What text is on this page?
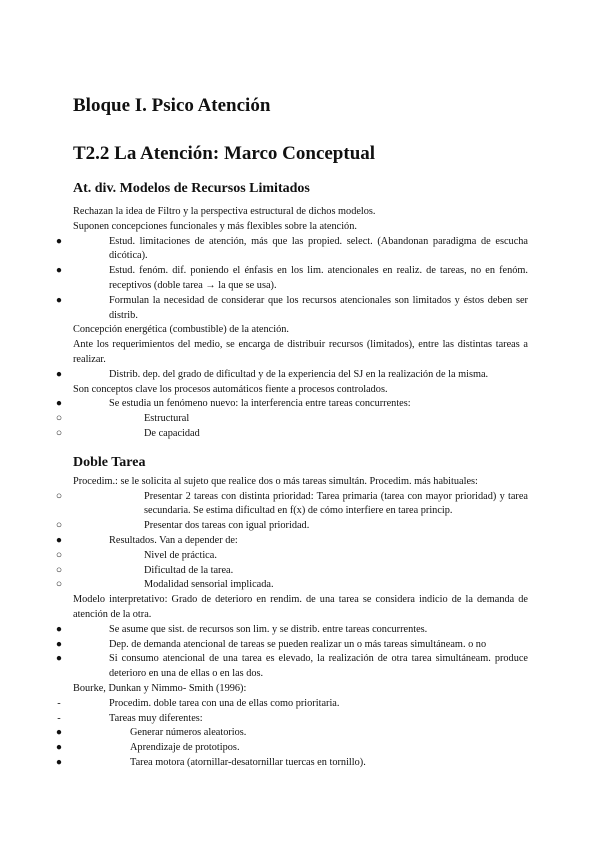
Bloque I. Psico Atención
T2.2 La Atención: Marco Conceptual
At. div. Modelos de Recursos Limitados

Rechazan la idea de Filtro y la perspectiva estructural de dichos modelos.

Suponen concepciones funcionales y más flexibles sobre la atención.

●	Estud. limitaciones de atención, más que las propied. select. (Abandonan paradigma de escucha dicótica).
●	Estud. fenóm. dif. poniendo el énfasis en los lim. atencionales en realiz. de tareas, no en fenóm. receptivos (doble tarea → la que se usa).
●	Formulan la necesidad de considerar que los recursos atencionales son limitados y éstos deben ser distrib.

Concepción energética (combustible) de la atención.

Ante los requerimientos del medio, se encarga de distribuir recursos (limitados), entre las distintas tareas a realizar.

●	Distrib. dep. del grado de dificultad y de la experiencia del SJ en la realización de la misma.

Son conceptos clave los procesos automáticos fiente a procesos controlados.

●	Se estudia un fenómeno nuevo: la interferencia entre tareas concurrentes:
○	Estructural
○	De capacidad
Doble Tarea

Procedim.: se le solicita al sujeto que realice dos o más tareas simultán. Procedim. más habituales:

○	Presentar 2 tareas con distinta prioridad: Tarea primaria (tarea con mayor prioridad) y tarea secundaria. Se estima dificultad en f(x) de cómo interfiere en tarea princip.
○	Presentar dos tareas con igual prioridad.
●	Resultados. Van a depender de:
○	Nivel de práctica.
○	Dificultad de la tarea.
○	Modalidad sensorial implicada.

Modelo interpretativo: Grado de deterioro en rendim. de una tarea se considera indicio de la demanda de atención de la otra.

●	Se asume que sist. de recursos son lim. y se distrib. entre tareas concurrentes.
●	Dep. de demanda atencional de tareas se pueden realizar un o más tareas simultáneam. o no
●	Si consumo atencional de una tarea es elevado, la realización de otra tarea simultáneam. produce deterioro en una de ellas o en las dos.

Bourke, Dunkan y Nimmo- Smith (1996):

-	Procedim. doble tarea con una de ellas como prioritaria.
-	Tareas muy diferentes:
●	Generar números aleatorios.
●	Aprendizaje de prototipos.
●	Tarea motora (atornillar-desatornillar tuercas en tornillo).
